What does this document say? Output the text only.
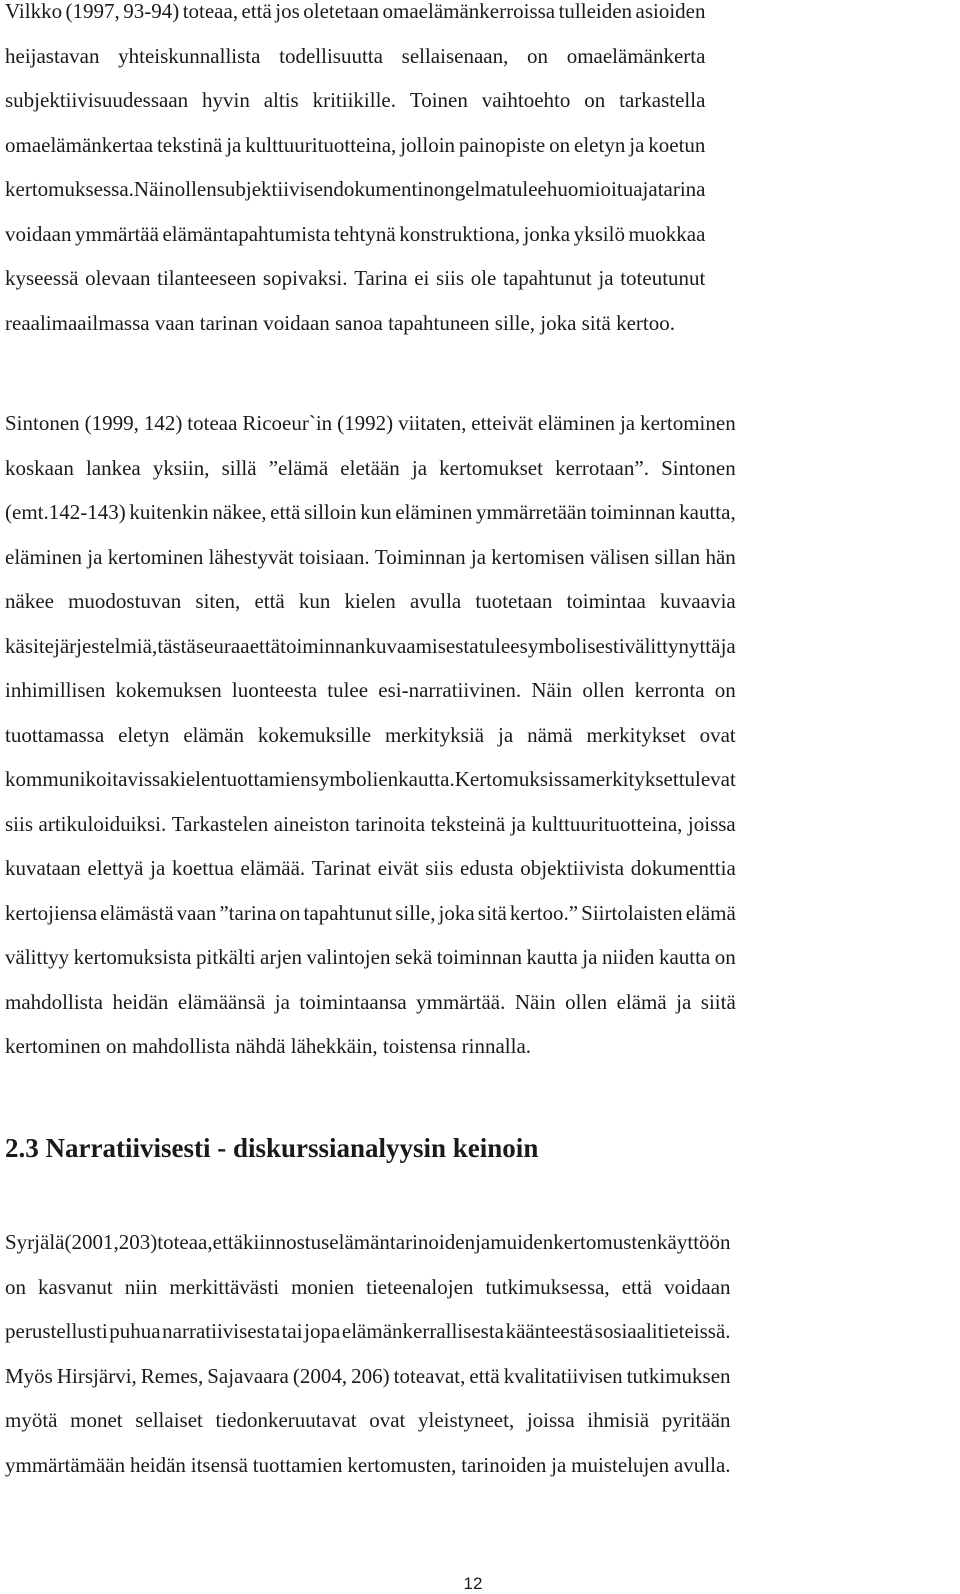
Vilkko (1997, 93-94) toteaa, että jos oletetaan omaelämänkerroissa tulleiden asioiden
heijastavan yhteiskunnallista todellisuutta sellaisenaan, on omaelämänkerta
subjektiivisuudessaan hyvin altis kritiikille. Toinen vaihtoehto on tarkastella
omaelämänkertaa tekstinä ja kulttuurituotteina, jolloin painopiste on eletyn ja koetun
kertomuksessa. Näin ollen subjektiivisen dokumentin ongelma tulee huomioitua ja tarina
voidaan ymmärtää elämäntapahtumista tehtynä konstruktiona, jonka yksilö muokkaa
kyseessä olevaan tilanteeseen sopivaksi. Tarina ei siis ole tapahtunut ja toteutunut
reaalimaailmassa vaan tarinan voidaan sanoa tapahtuneen sille, joka sitä kertoo.
Sintonen (1999, 142) toteaa Ricoeur`in (1992) viitaten, etteivät eläminen ja kertominen
koskaan lankea yksiin, sillä ”elämä eletään ja kertomukset kerrotaan”. Sintonen
(emt.142-143) kuitenkin näkee, että silloin kun eläminen ymmärretään toiminnan kautta,
eläminen ja kertominen lähestyvät toisiaan. Toiminnan ja kertomisen välisen sillan hän
näkee muodostuvan siten, että kun kielen avulla tuotetaan toimintaa kuvaavia
käsitejärjestelmiä, tästä seuraa että toiminnan kuvaamisesta tulee symbolisesti välittynyttä ja
inhimillisen kokemuksen luonteesta tulee esi-narratiivinen. Näin ollen kerronta on
tuottamassa eletyn elämän kokemuksille merkityksiä ja nämä merkitykset ovat
kommunikoitavissa kielen tuottamien symbolien kautta. Kertomuksissa merkitykset tulevat
siis artikuloiduiksi. Tarkastelen aineiston tarinoita teksteinä ja kulttuurituotteina, joissa
kuvataan elettyä ja koettua elämää. Tarinat eivät siis edusta objektiivista dokumenttia
kertojiensa elämästä vaan ”tarina on tapahtunut sille, joka sitä kertoo.” Siirtolaisten elämä
välittyy kertomuksista pitkälti arjen valintojen sekä toiminnan kautta ja niiden kautta on
mahdollista heidän elämäänsä ja toimintaansa ymmärtää. Näin ollen elämä ja siitä
kertominen on mahdollista nähdä lähekkäin, toistensa rinnalla.
2.3 Narratiivisesti - diskurssianalyysin keinoin
Syrjälä (2001, 203) toteaa, että kiinnostus elämäntarinoiden ja muiden kertomusten käyttöön
on kasvanut niin merkittävästi monien tieteenalojen tutkimuksessa, että voidaan
perustellusti puhua narratiivisesta tai jopa elämänkerrallisesta käänteestä sosiaalitieteissä.
Myös Hirsjärvi, Remes, Sajavaara (2004, 206) toteavat, että kvalitatiivisen tutkimuksen
myötä monet sellaiset tiedonkeruutavat ovat yleistyneet, joissa ihmisiä pyritään
ymmärtämään heidän itsensä tuottamien kertomusten, tarinoiden ja muistelujen avulla.
12
